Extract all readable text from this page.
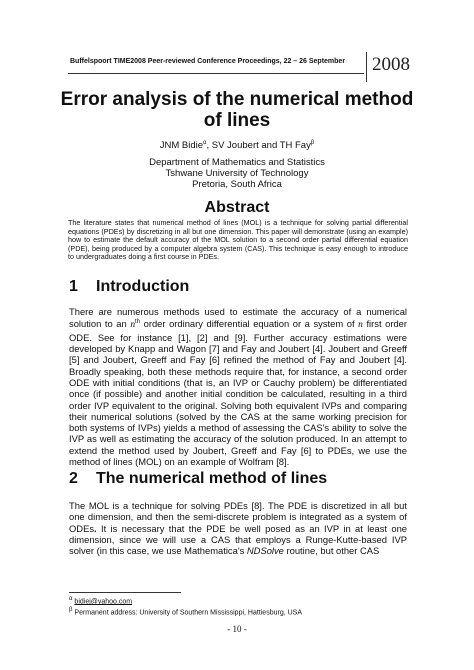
Buffelspoort TIME2008 Peer-reviewed Conference Proceedings, 22 – 26 September 2008
Error analysis of the numerical method of lines
JNM Bidie$^\alpha$, SV Joubert and TH Fay$^\beta$
Department of Mathematics and Statistics
Tshwane University of Technology
Pretoria, South Africa
Abstract
The literature states that numerical method of lines (MOL) is a technique for solving partial differential equations (PDEs) by discretizing in all but one dimension. This paper will demonstrate (using an example) how to estimate the default accuracy of the MOL solution to a second order partial differential equation (PDE), being produced by a computer algebra system (CAS). This technique is easy enough to introduce to undergraduates doing a first course in PDEs.
1 Introduction
There are numerous methods used to estimate the accuracy of a numerical solution to an $n^{th}$ order ordinary differential equation or a system of n first order ODE. See for instance [1], [2] and [9]. Further accuracy estimations were developed by Knapp and Wagon [7] and Fay and Joubert [4]. Joubert and Greeff [5] and Joubert, Greeff and Fay [6] refined the method of Fay and Joubert [4]. Broadly speaking, both these methods require that, for instance, a second order ODE with initial conditions (that is, an IVP or Cauchy problem) be differentiated once (if possible) and another initial condition be calculated, resulting in a third order IVP equivalent to the original. Solving both equivalent IVPs and comparing their numerical solutions (solved by the CAS at the same working precision for both systems of IVPs) yields a method of assessing the CAS's ability to solve the IVP as well as estimating the accuracy of the solution produced. In an attempt to extend the method used by Joubert, Greeff and Fay [6] to PDEs, we use the method of lines (MOL) on an example of Wolfram [8].
2 The numerical method of lines
The MOL is a technique for solving PDEs [8]. The PDE is discretized in all but one dimension, and then the semi-discrete problem is integrated as a system of ODEs. It is necessary that the PDE be well posed as an IVP in at least one dimension, since we will use a CAS that employs a Runge-Kutte-based IVP solver (in this case, we use Mathematica's NDSolve routine, but other CAS
$^\alpha$ bidiej@yahoo.com
$^\beta$ Permanent address: University of Southern Mississippi, Hattiesburg, USA
- 10 -
